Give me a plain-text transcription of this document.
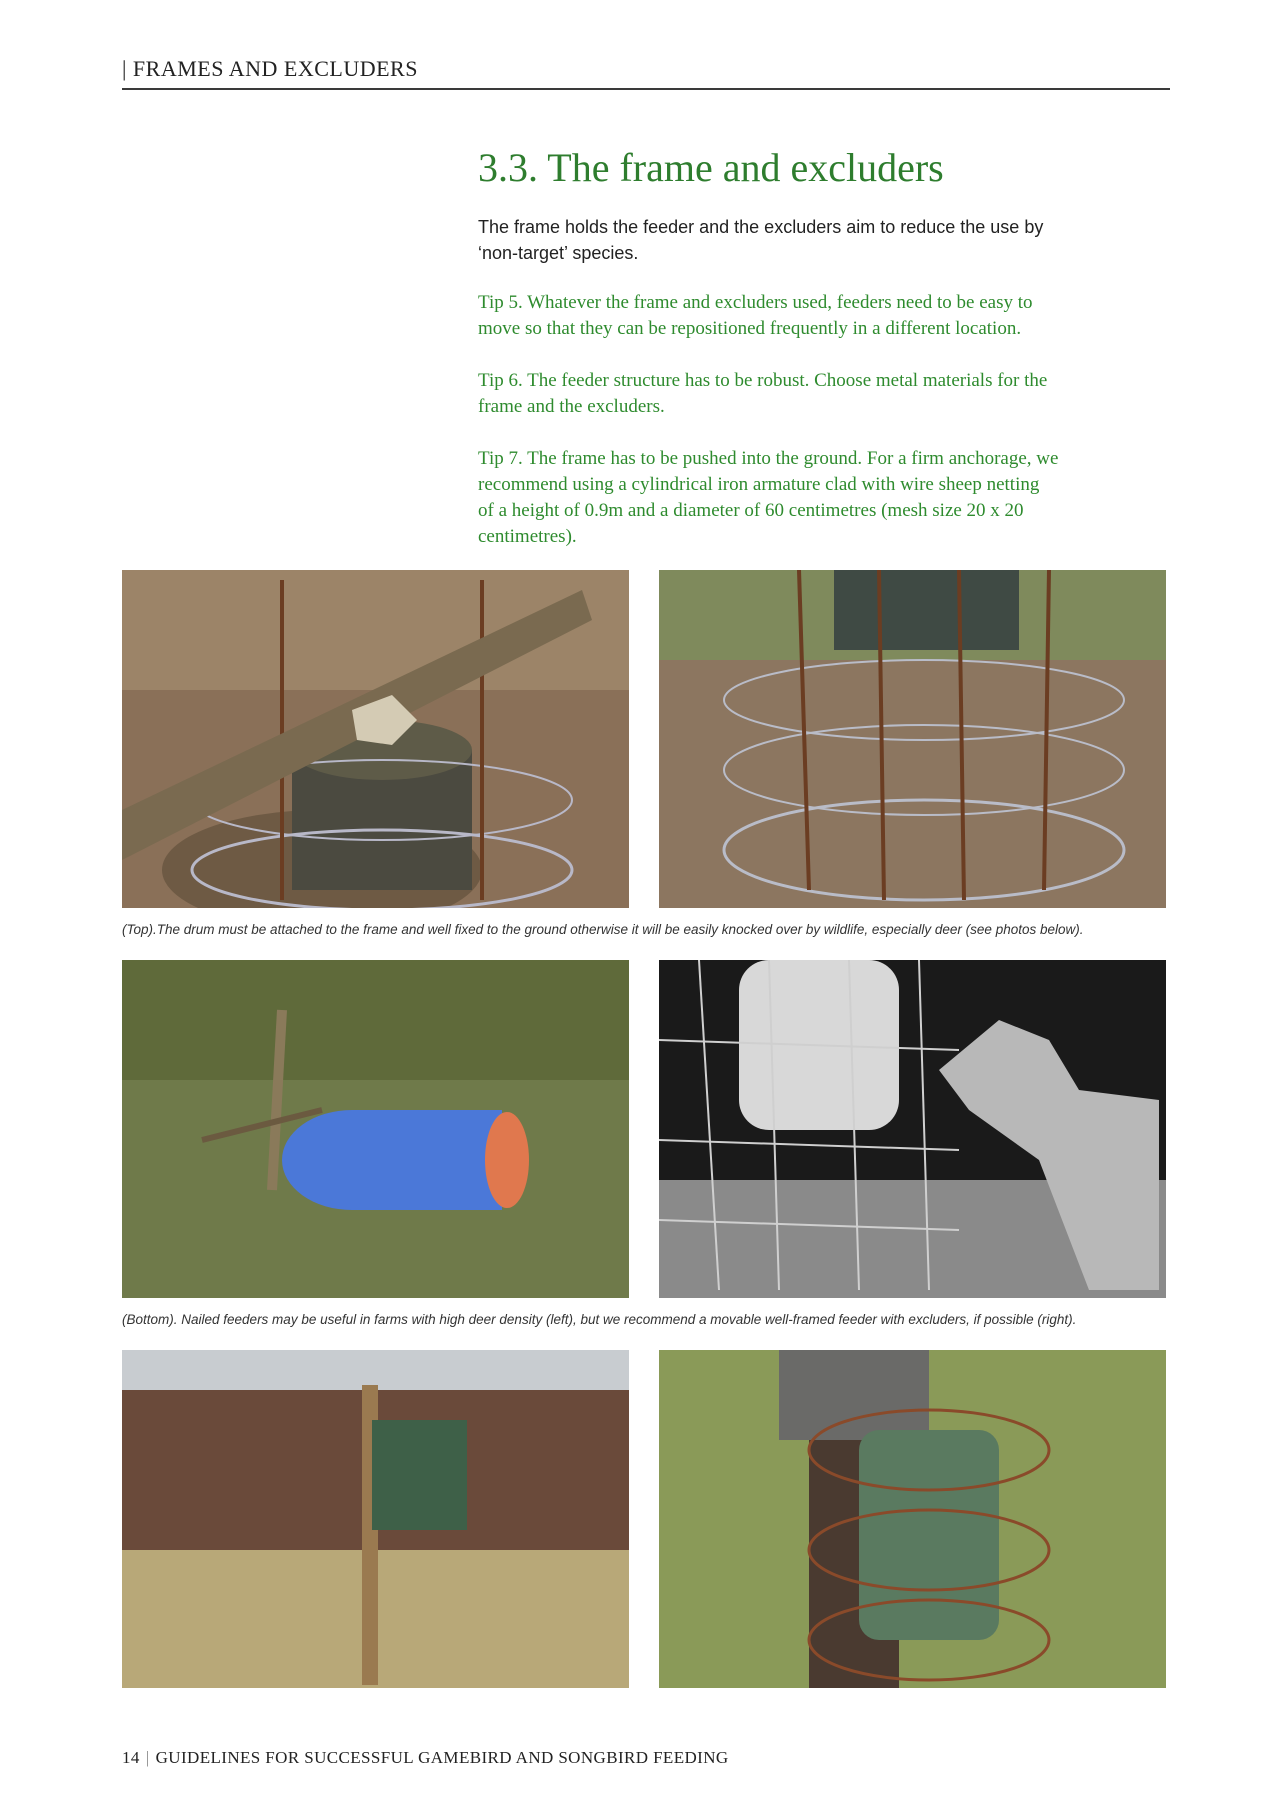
| FRAMES AND EXCLUDERS
3.3. The frame and excluders

The frame holds the feeder and the excluders aim to reduce the use by
‘non-target’ species.

Tip 5. Whatever the frame and excluders used, feeders need to be easy to
move so that they can be repositioned frequently in a different location.

Tip 6. The feeder structure has to be robust. Choose metal materials for the
frame and the excluders.

Tip 7. The frame has to be pushed into the ground. For a firm anchorage, we
recommend using a cylindrical iron armature clad with wire sheep netting
of a height of 0.9m and a diameter of 60 centimetres (mesh size 20 x 20
centimetres).

(Top).The drum must be attached to the frame and well fixed to the ground otherwise it will be easily knocked over by wildlife, especially deer (see photos below).
(Bottom). Nailed feeders may be useful in farms with high deer density (left), but we recommend a movable well-framed feeder with excluders, if possible (right).
14 | GUIDELINES FOR SUCCESSFUL GAMEBIRD AND SONGBIRD FEEDING
